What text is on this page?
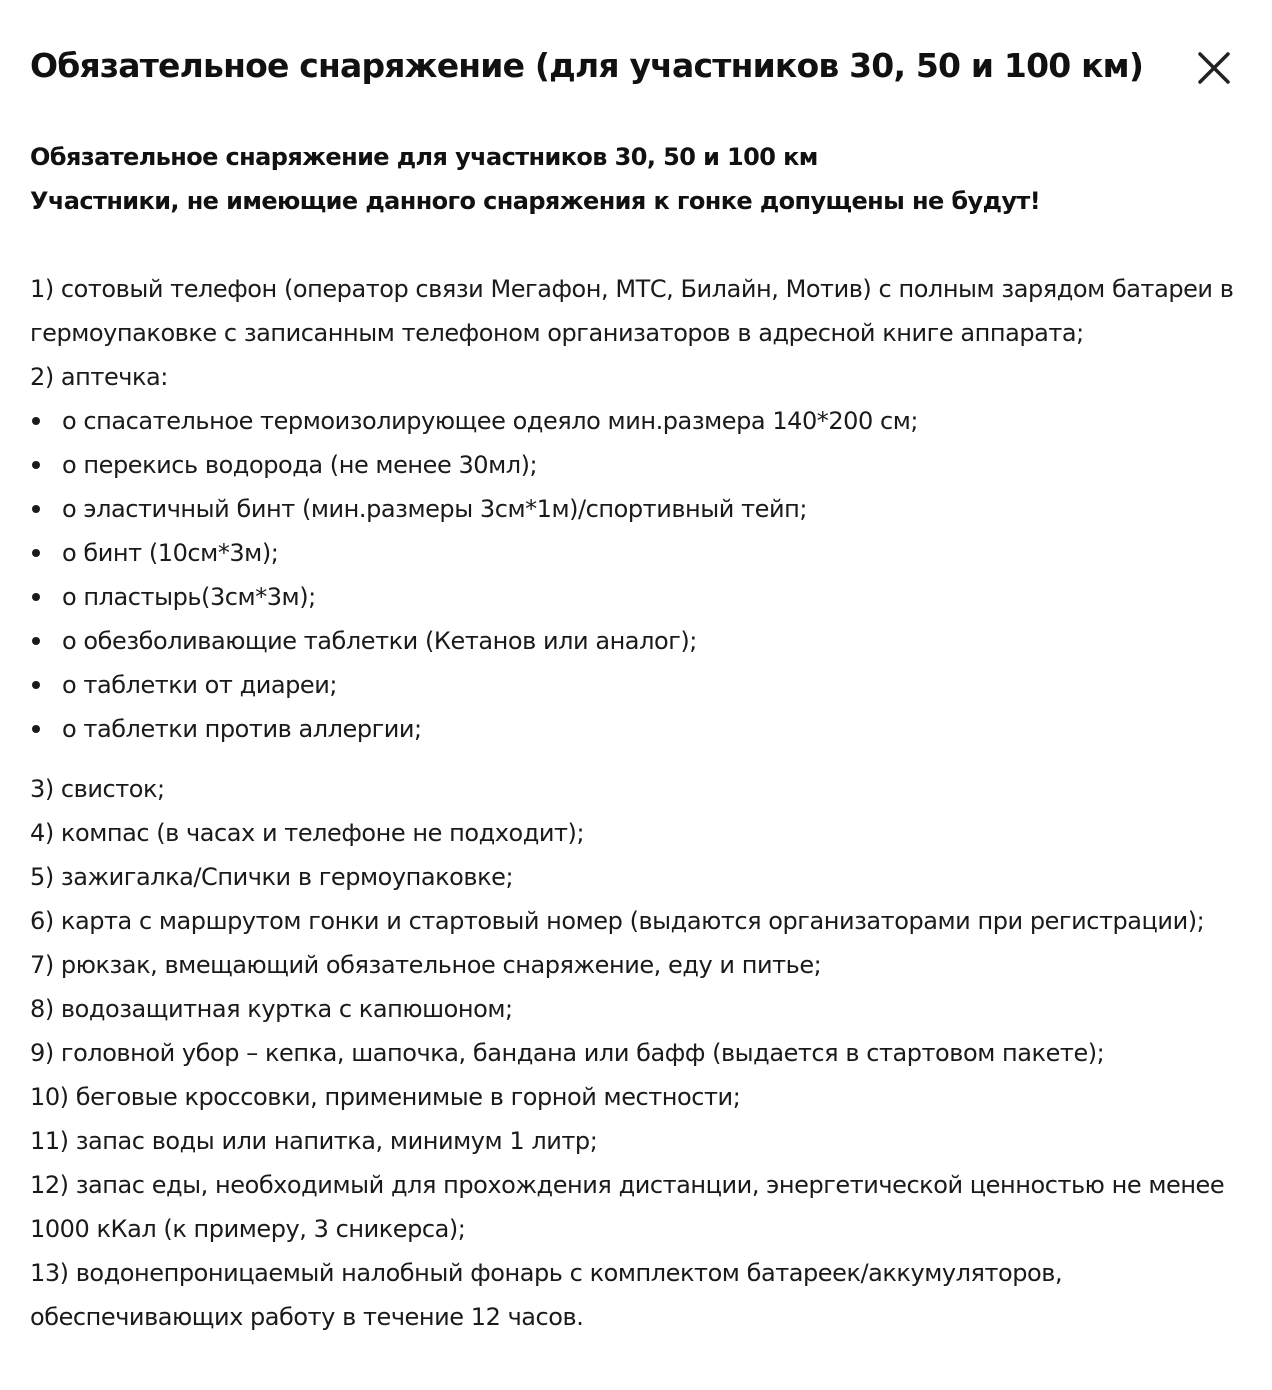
Обязательное снаряжение (для участников 30, 50 и 100 км)

Обязательное снаряжение для участников 30, 50 и 100 км

Участники, не имеющие данного снаряжения к гонке допущены не будут!

1) сотовый телефон (оператор связи Мегафон, МТС, Билайн, Мотив) с полным зарядом батареи в гермоупаковке с записанным телефоном организаторов в адресной книге аппарата;

2) аптечка:

o спасательное термоизолирующее одеяло мин.размера 140*200 см;
o перекись водорода (не менее 30мл);
o эластичный бинт (мин.размеры 3см*1м)/спортивный тейп;
o бинт (10см*3м);
o пластырь(3см*3м);
o обезболивающие таблетки (Кетанов или аналог);
o таблетки от диареи;
o таблетки против аллергии;

3) свисток;

4) компас (в часах и телефоне не подходит);

5) зажигалка/Спички в гермоупаковке;

6) карта с маршрутом гонки и стартовый номер (выдаются организаторами при регистрации);

7) рюкзак, вмещающий обязательное снаряжение, еду и питье;

8) водозащитная куртка с капюшоном;

9) головной убор – кепка, шапочка, бандана или бафф (выдается в стартовом пакете);

10) беговые кроссовки, применимые в горной местности;

11) запас воды или напитка, минимум 1 литр;

12) запас еды, необходимый для прохождения дистанции, энергетической ценностью не менее 1000 кКал (к примеру, 3 сникерса);

13) водонепроницаемый налобный фонарь с комплектом батареек/аккумуляторов, обеспечивающих работу в течение 12 часов.
